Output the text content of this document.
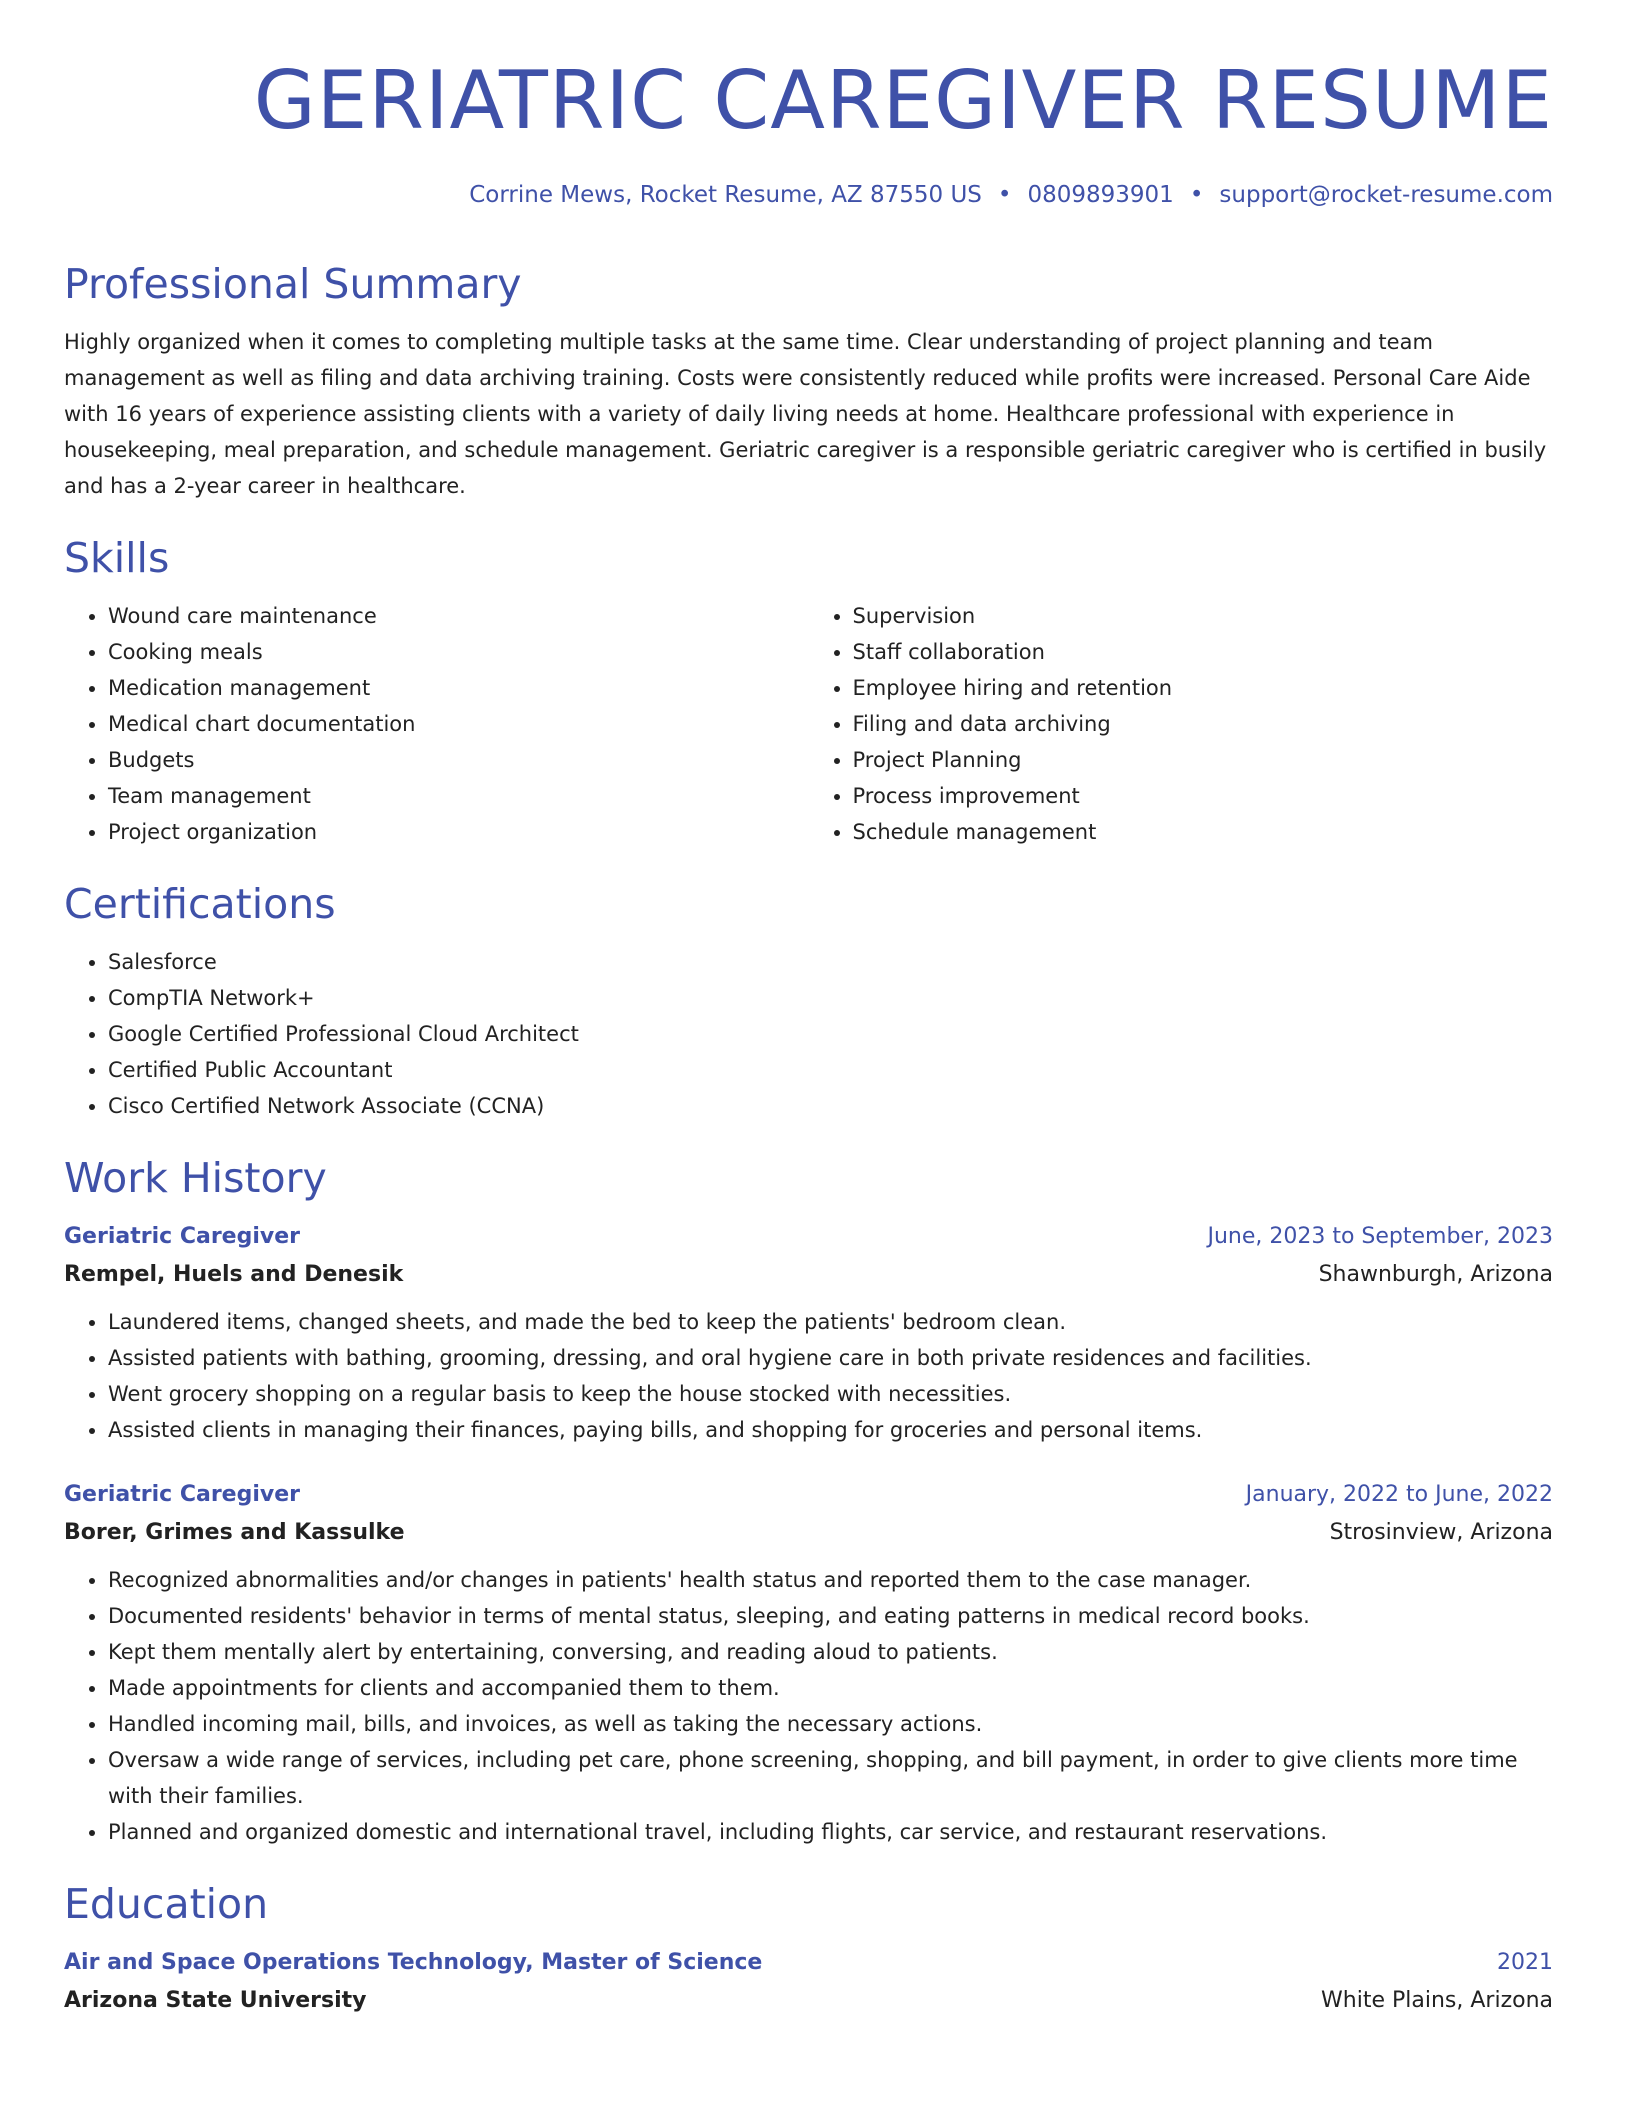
GERIATRIC CAREGIVER RESUME
Corrine Mews, Rocket Resume, AZ 87550 US • 0809893901 • support@rocket-resume.com
Professional Summary

Highly organized when it comes to completing multiple tasks at the same time. Clear understanding of project planning and team management as well as filing and data archiving training. Costs were consistently reduced while profits were increased. Personal Care Aide with 16 years of experience assisting clients with a variety of daily living needs at home. Healthcare professional with experience in housekeeping, meal preparation, and schedule management. Geriatric caregiver is a responsible geriatric caregiver who is certified in busily and has a 2-year career in healthcare.

Skills
• Wound care maintenance
• Cooking meals
• Medication management
• Medical chart documentation
• Budgets
• Team management
• Project organization
• Supervision
• Staff collaboration
• Employee hiring and retention
• Filing and data archiving
• Project Planning
• Process improvement
• Schedule management
Certifications
• Salesforce
• CompTIA Network+
• Google Certified Professional Cloud Architect
• Certified Public Accountant
• Cisco Certified Network Associate (CCNA)
Work History
Geriatric Caregiver	June, 2023 to September, 2023
Rempel, Huels and Denesik	Shawnburgh, Arizona
• Laundered items, changed sheets, and made the bed to keep the patients' bedroom clean.
• Assisted patients with bathing, grooming, dressing, and oral hygiene care in both private residences and facilities.
• Went grocery shopping on a regular basis to keep the house stocked with necessities.
• Assisted clients in managing their finances, paying bills, and shopping for groceries and personal items.
Geriatric Caregiver	January, 2022 to June, 2022
Borer, Grimes and Kassulke	Strosinview, Arizona
• Recognized abnormalities and/or changes in patients' health status and reported them to the case manager.
• Documented residents' behavior in terms of mental status, sleeping, and eating patterns in medical record books.
• Kept them mentally alert by entertaining, conversing, and reading aloud to patients.
• Made appointments for clients and accompanied them to them.
• Handled incoming mail, bills, and invoices, as well as taking the necessary actions.
• Oversaw a wide range of services, including pet care, phone screening, shopping, and bill payment, in order to give clients more time with their families.
• Planned and organized domestic and international travel, including flights, car service, and restaurant reservations.
Education
Air and Space Operations Technology, Master of Science	2021
Arizona State University	White Plains, Arizona
